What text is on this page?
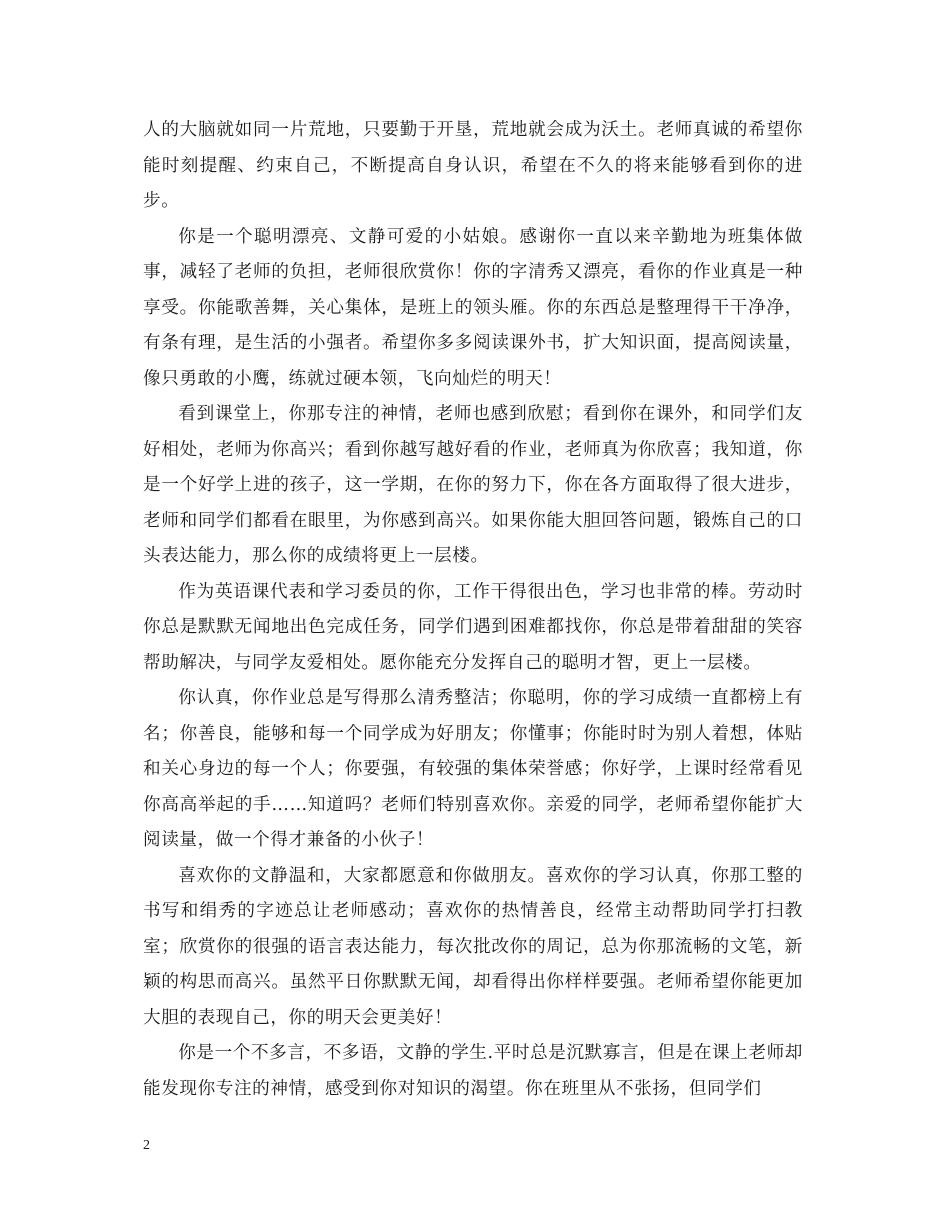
人的大脑就如同一片荒地，只要勤于开垦，荒地就会成为沃土。老师真诚的希望你能时刻提醒、约束自己，不断提高自身认识，希望在不久的将来能够看到你的进步。

你是一个聪明漂亮、文静可爱的小姑娘。感谢你一直以来辛勤地为班集体做事，减轻了老师的负担，老师很欣赏你！你的字清秀又漂亮，看你的作业真是一种享受。你能歌善舞，关心集体，是班上的领头雁。你的东西总是整理得干干净净，有条有理，是生活的小强者。希望你多多阅读课外书，扩大知识面，提高阅读量，像只勇敢的小鹰，练就过硬本领，飞向灿烂的明天！

看到课堂上，你那专注的神情，老师也感到欣慰；看到你在课外，和同学们友好相处，老师为你高兴；看到你越写越好看的作业，老师真为你欣喜；我知道，你是一个好学上进的孩子，这一学期，在你的努力下，你在各方面取得了很大进步，老师和同学们都看在眼里，为你感到高兴。如果你能大胆回答问题，锻炼自己的口头表达能力，那么你的成绩将更上一层楼。

作为英语课代表和学习委员的你，工作干得很出色，学习也非常的棒。劳动时你总是默默无闻地出色完成任务，同学们遇到困难都找你，你总是带着甜甜的笑容帮助解决，与同学友爱相处。愿你能充分发挥自己的聪明才智，更上一层楼。

你认真，你作业总是写得那么清秀整洁；你聪明，你的学习成绩一直都榜上有名；你善良，能够和每一个同学成为好朋友；你懂事；你能时时为别人着想，体贴和关心身边的每一个人；你要强，有较强的集体荣誉感；你好学，上课时经常看见你高高举起的手……知道吗？老师们特别喜欢你。亲爱的同学，老师希望你能扩大阅读量，做一个得才兼备的小伙子！

喜欢你的文静温和，大家都愿意和你做朋友。喜欢你的学习认真，你那工整的书写和绢秀的字迹总让老师感动；喜欢你的热情善良，经常主动帮助同学打扫教室；欣赏你的很强的语言表达能力，每次批改你的周记，总为你那流畅的文笔，新颖的构思而高兴。虽然平日你默默无闻，却看得出你样样要强。老师希望你能更加大胆的表现自己，你的明天会更美好！

你是一个不多言，不多语，文静的学生.平时总是沉默寡言，但是在课上老师却能发现你专注的神情，感受到你对知识的渴望。你在班里从不张扬，但同学们

2
